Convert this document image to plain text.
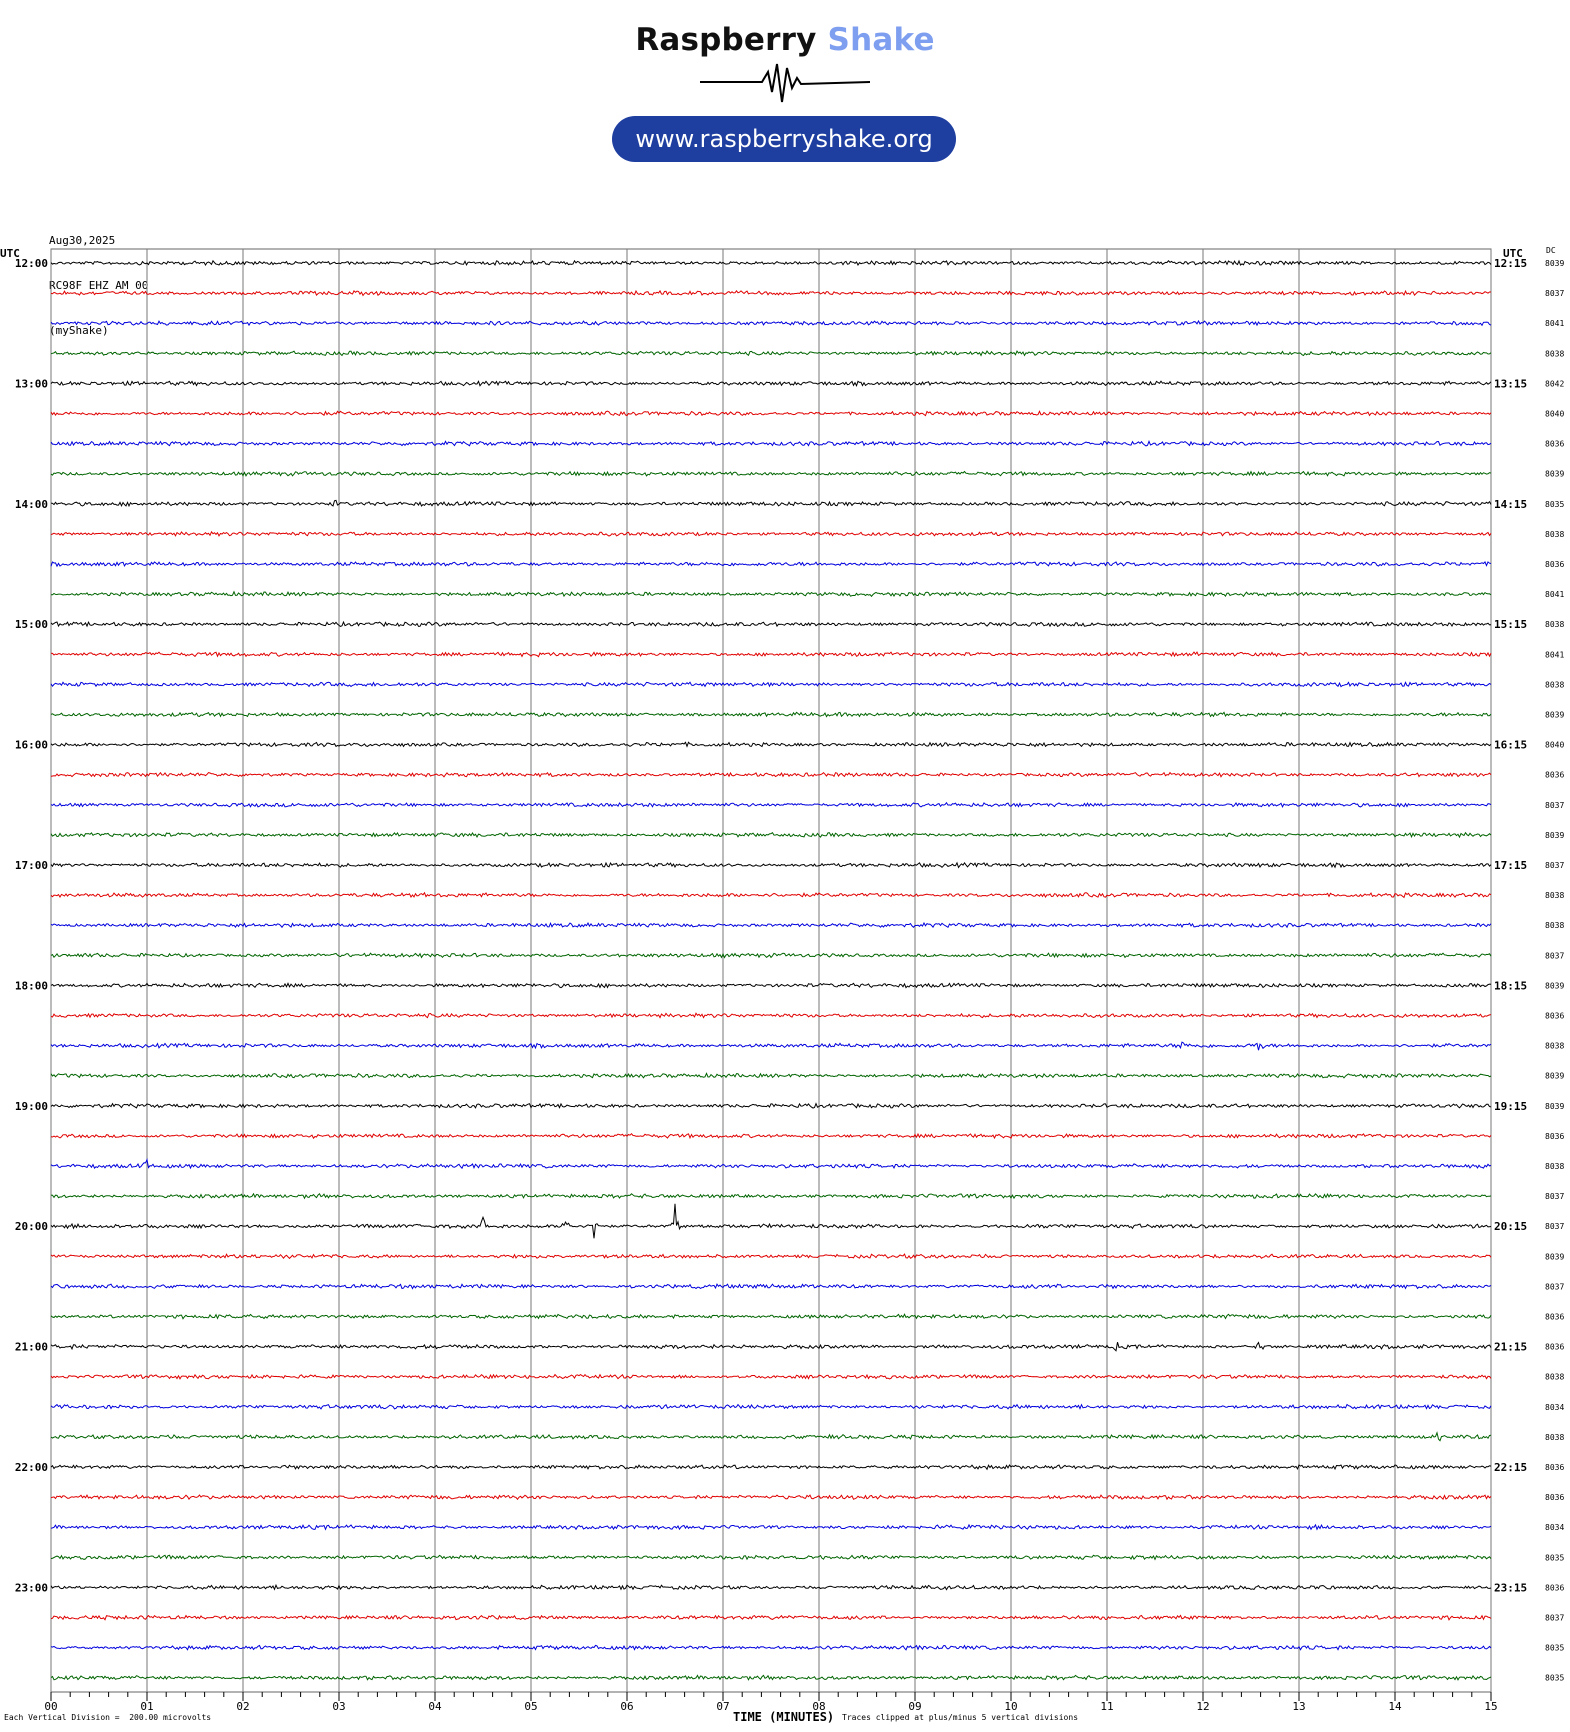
Raspberry Shake
www.raspberryshake.org

Aug30,2025

RC98F EHZ AM 00

(myShake)

UTC	UTC	DC
00	01	02	03	04	05	06	07	08	09	10	11	12	13	14	15
8039
8037
8041
8038
8042
8040
8036
8039
8035
8038
8036
8041
8038
8041
8038
8039
8040
8036
8037
8039
8037
8038
8038
8037
8039
8036
8038
8039
8039
8036
8038
8037
8037
8039
8037
8036
8036
8038
8034
8038
8036
8036
8034
8035
8036
8037
8035
8035
12:00
13:00
14:00
15:00
16:00
17:00
18:00
19:00
20:00
21:00
22:00
23:00
12:15
13:15
14:15
15:15
16:15
17:15
18:15
19:15
20:15
21:15
22:15
23:15
Each Vertical Division =  200.00 microvolts	TIME (MINUTES) Traces clipped at plus/minus 5 vertical divisions
